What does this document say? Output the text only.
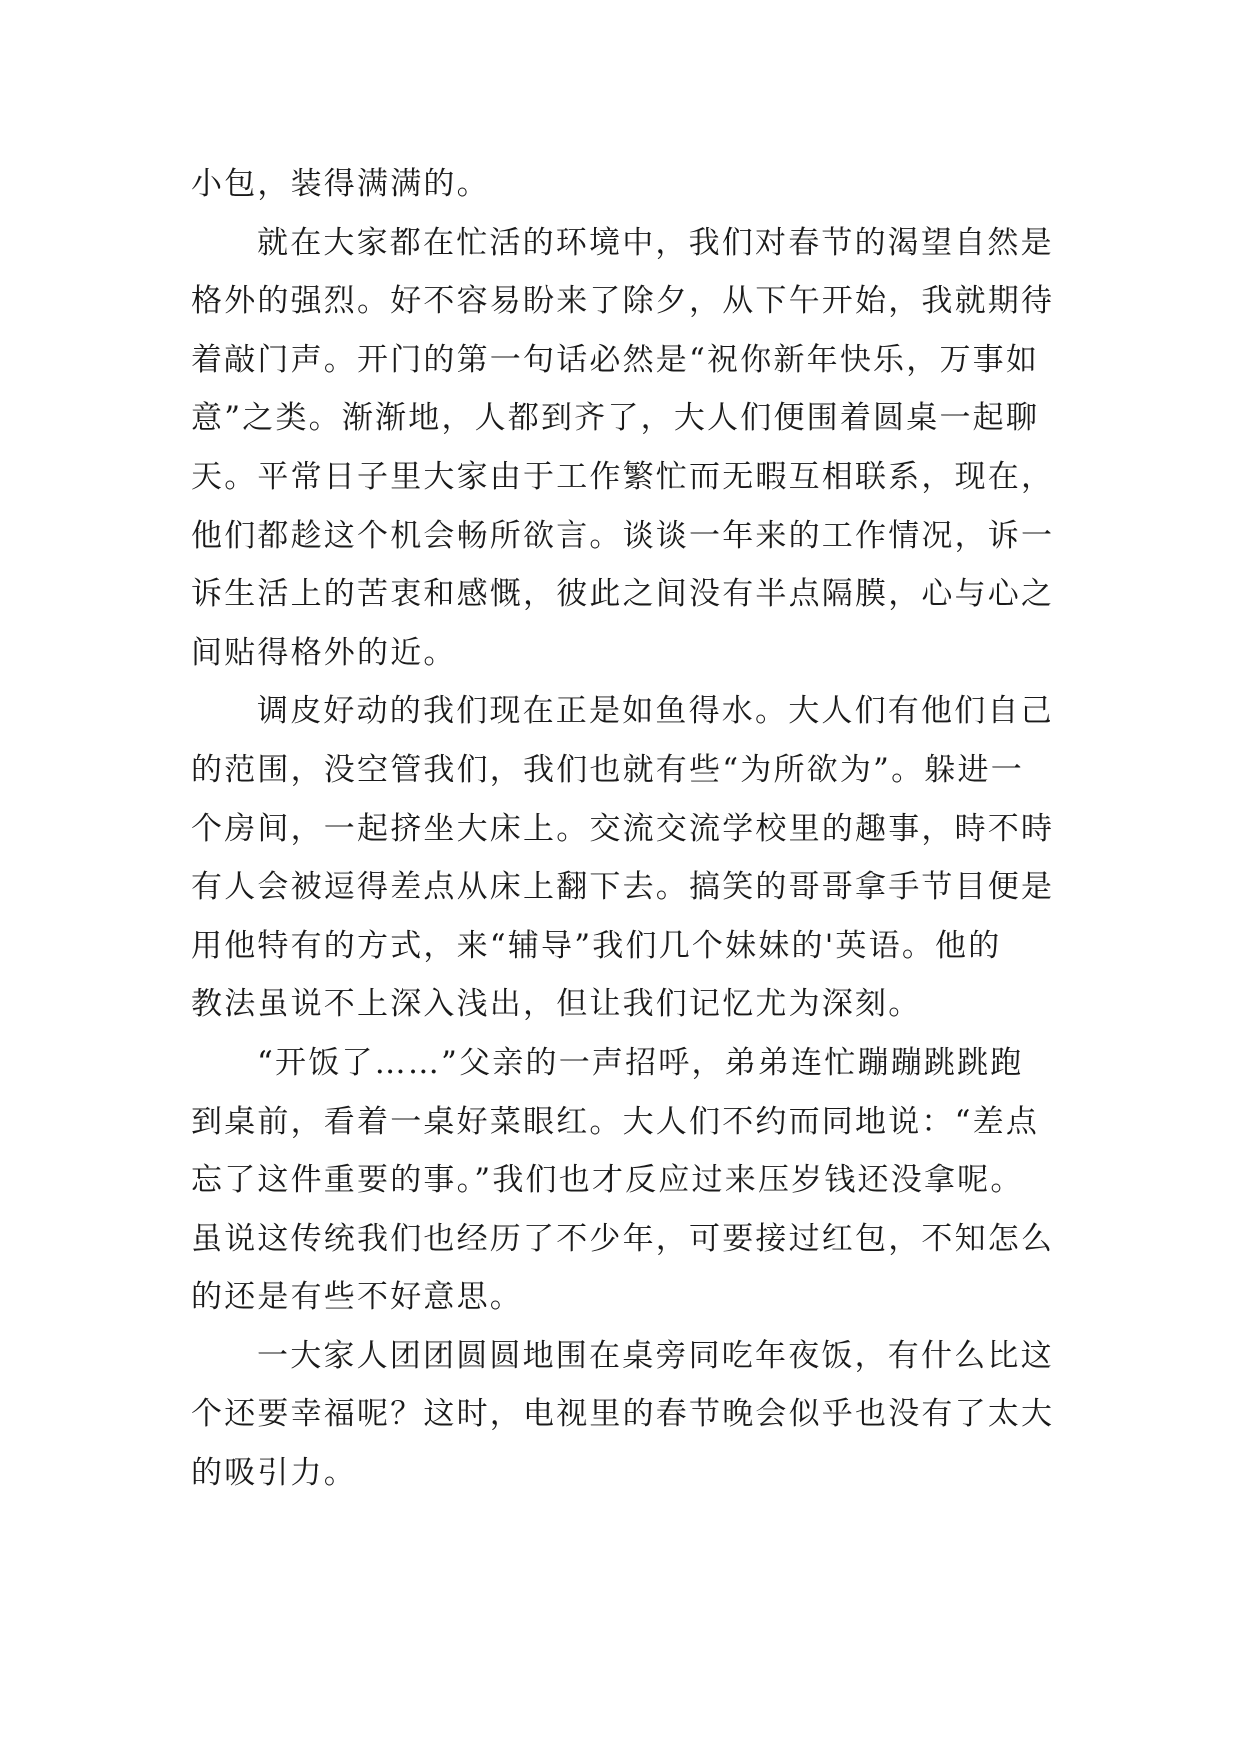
小包，装得满满的。
就在大家都在忙活的环境中，我们对春节的渴望自然是
格外的强烈。好不容易盼来了除夕，从下午开始，我就期待
着敲门声。开门的第一句话必然是“祝你新年快乐，万事如
意”之类。渐渐地，人都到齐了，大人们便围着圆桌一起聊
天。平常日子里大家由于工作繁忙而无暇互相联系，现在，
他们都趁这个机会畅所欲言。谈谈一年来的工作情况，诉一
诉生活上的苦衷和感慨，彼此之间没有半点隔膜，心与心之
间贴得格外的近。
调皮好动的我们现在正是如鱼得水。大人们有他们自己
的范围，没空管我们，我们也就有些“为所欲为”。躲进一
个房间，一起挤坐大床上。交流交流学校里的趣事，時不時
有人会被逗得差点从床上翻下去。搞笑的哥哥拿手节目便是
用他特有的方式，来“辅导”我们几个妹妹的'英语。他的
教法虽说不上深入浅出，但让我们记忆尤为深刻。
“开饭了……”父亲的一声招呼，弟弟连忙蹦蹦跳跳跑
到桌前，看着一桌好菜眼红。大人们不约而同地说：“差点
忘了这件重要的事。”我们也才反应过来压岁钱还没拿呢。
虽说这传统我们也经历了不少年，可要接过红包，不知怎么
的还是有些不好意思。
一大家人团团圆圆地围在桌旁同吃年夜饭，有什么比这
个还要幸福呢？这时，电视里的春节晚会似乎也没有了太大
的吸引力。
